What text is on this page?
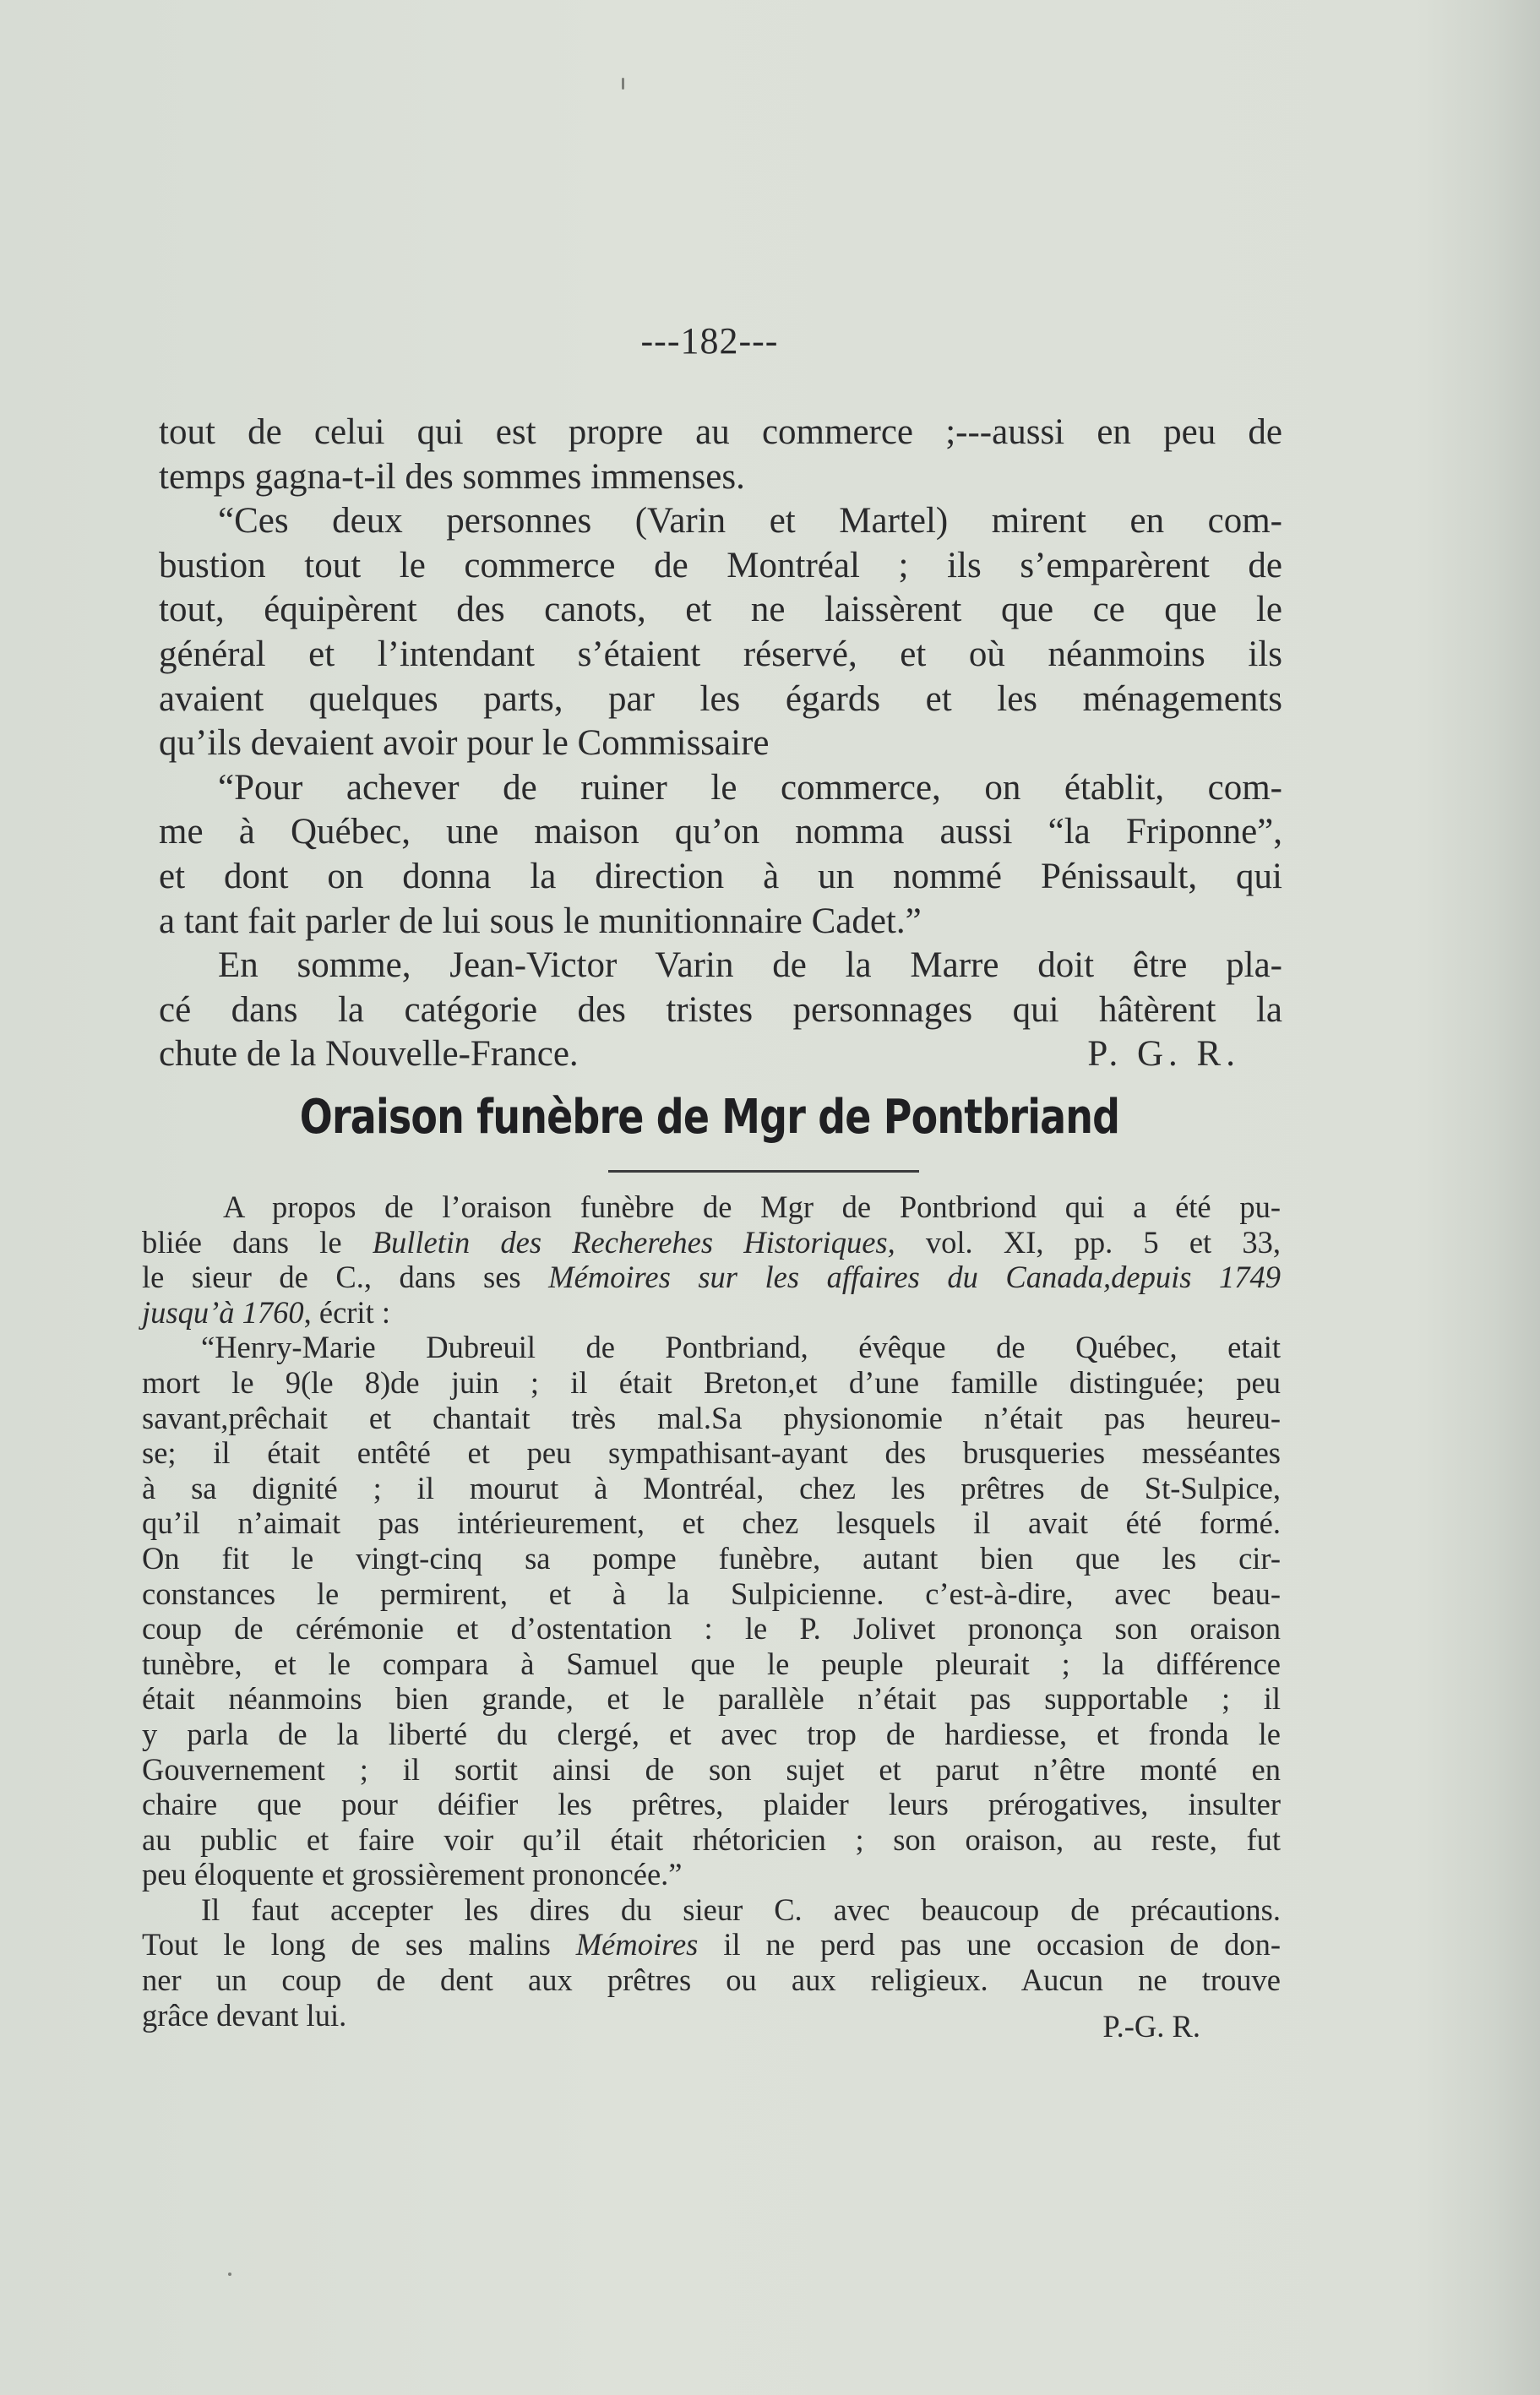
---182---
tout de celui qui est propre au commerce ;---aussi en peu de
temps gagna-t-il des sommes immenses.
“Ces deux personnes (Varin et Martel) mirent en com-
bustion tout le commerce de Montréal ; ils s’emparèrent de
tout, équipèrent des canots, et ne laissèrent que ce que le
général et l’intendant s’étaient réservé, et où néanmoins ils
avaient quelques parts, par les égards et les ménagements
qu’ils devaient avoir pour le Commissaire
“Pour achever de ruiner le commerce, on établit, com-
me à Québec, une maison qu’on nomma aussi “la Friponne”,
et dont on donna la direction à un nommé Pénissault, qui
a tant fait parler de lui sous le munitionnaire Cadet.”
En somme, Jean-Victor Varin de la Marre doit être pla-
cé dans la catégorie des tristes personnages qui hâtèrent la
chute de la Nouvelle-France.	P. G. R.
Oraison funèbre de Mgr de Pontbriand
A propos de l’oraison funèbre de Mgr de Pontbriond qui a été pu-
bliée dans le Bulletin des Recherehes Historiques, vol. XI, pp. 5 et 33,
le sieur de C., dans ses Mémoires sur les affaires du Canada,depuis 1749
jusqu’à 1760, écrit :
“Henry-Marie Dubreuil de Pontbriand, évêque de Québec, etait
mort le 9(le 8)de juin ; il était Breton,et d’une famille distinguée; peu
savant,prêchait et chantait très mal.Sa physionomie n’était pas heureu-
se; il était entêté et peu sympathisant-ayant des brusqueries messéantes
à sa dignité ; il mourut à Montréal, chez les prêtres de St-Sulpice,
qu’il n’aimait pas intérieurement, et chez lesquels il avait été formé.
On fit le vingt-cinq sa pompe funèbre, autant bien que les cir-
constances le permirent, et à la Sulpicienne. c’est-à-dire, avec beau-
coup de cérémonie et d’ostentation : le P. Jolivet prononça son oraison
tunèbre, et le compara à Samuel que le peuple pleurait ; la différence
était néanmoins bien grande, et le parallèle n’était pas supportable ; il
y parla de la liberté du clergé, et avec trop de hardiesse, et fronda le
Gouvernement ; il sortit ainsi de son sujet et parut n’être monté en
chaire que pour déifier les prêtres, plaider leurs prérogatives, insulter
au public et faire voir qu’il était rhétoricien ; son oraison, au reste, fut
peu éloquente et grossièrement prononcée.”
Il faut accepter les dires du sieur C. avec beaucoup de précautions.
Tout le long de ses malins Mémoires il ne perd pas une occasion de don-
ner un coup de dent aux prêtres ou aux religieux. Aucun ne trouve
grâce devant lui.	P.-G. R.
